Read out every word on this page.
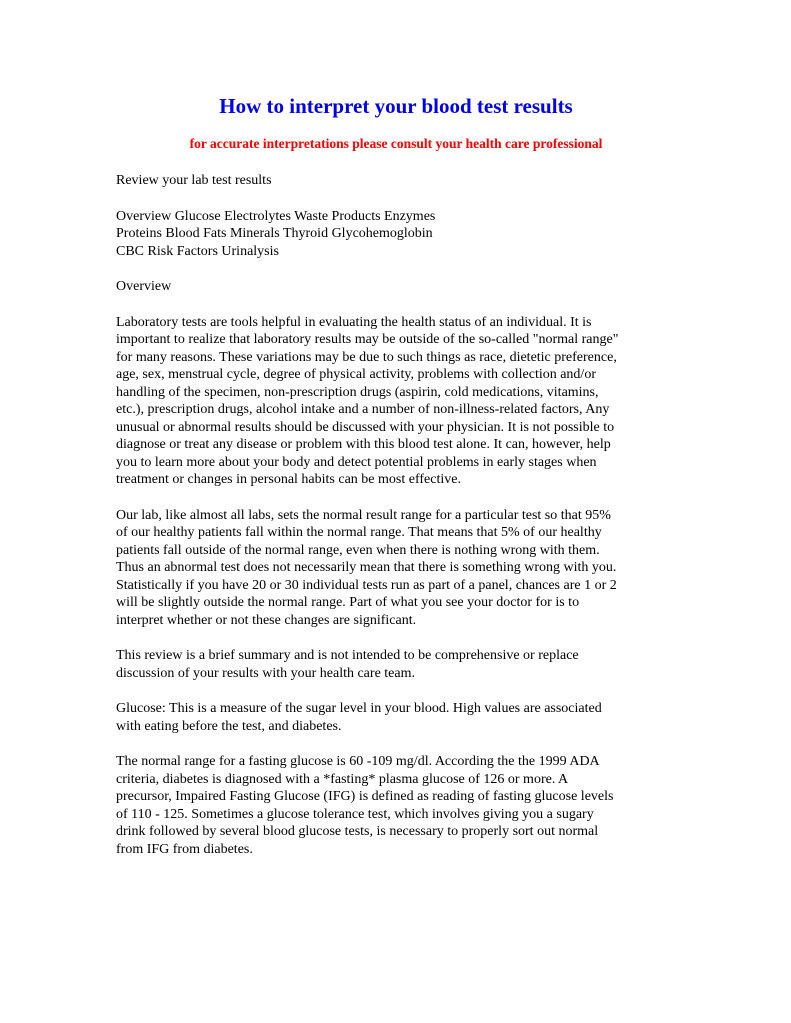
How to interpret your blood test results

for accurate interpretations please consult your health care professional

Review your lab test results

Overview Glucose Electrolytes Waste Products Enzymes
Proteins Blood Fats Minerals Thyroid Glycohemoglobin
CBC Risk Factors Urinalysis

Overview

Laboratory tests are tools helpful in evaluating the health status of an individual. It is
important to realize that laboratory results may be outside of the so-called "normal range"
for many reasons. These variations may be due to such things as race, dietetic preference,
age, sex, menstrual cycle, degree of physical activity, problems with collection and/or
handling of the specimen, non-prescription drugs (aspirin, cold medications, vitamins,
etc.), prescription drugs, alcohol intake and a number of non-illness-related factors, Any
unusual or abnormal results should be discussed with your physician. It is not possible to
diagnose or treat any disease or problem with this blood test alone. It can, however, help
you to learn more about your body and detect potential problems in early stages when
treatment or changes in personal habits can be most effective.

Our lab, like almost all labs, sets the normal result range for a particular test so that 95%
of our healthy patients fall within the normal range. That means that 5% of our healthy
patients fall outside of the normal range, even when there is nothing wrong with them.
Thus an abnormal test does not necessarily mean that there is something wrong with you.
Statistically if you have 20 or 30 individual tests run as part of a panel, chances are 1 or 2
will be slightly outside the normal range. Part of what you see your doctor for is to
interpret whether or not these changes are significant.

This review is a brief summary and is not intended to be comprehensive or replace
discussion of your results with your health care team.

Glucose: This is a measure of the sugar level in your blood. High values are associated
with eating before the test, and diabetes.

The normal range for a fasting glucose is 60 -109 mg/dl. According the the 1999 ADA
criteria, diabetes is diagnosed with a *fasting* plasma glucose of 126 or more. A
precursor, Impaired Fasting Glucose (IFG) is defined as reading of fasting glucose levels
of 110 - 125. Sometimes a glucose tolerance test, which involves giving you a sugary
drink followed by several blood glucose tests, is necessary to properly sort out normal
from IFG from diabetes.
